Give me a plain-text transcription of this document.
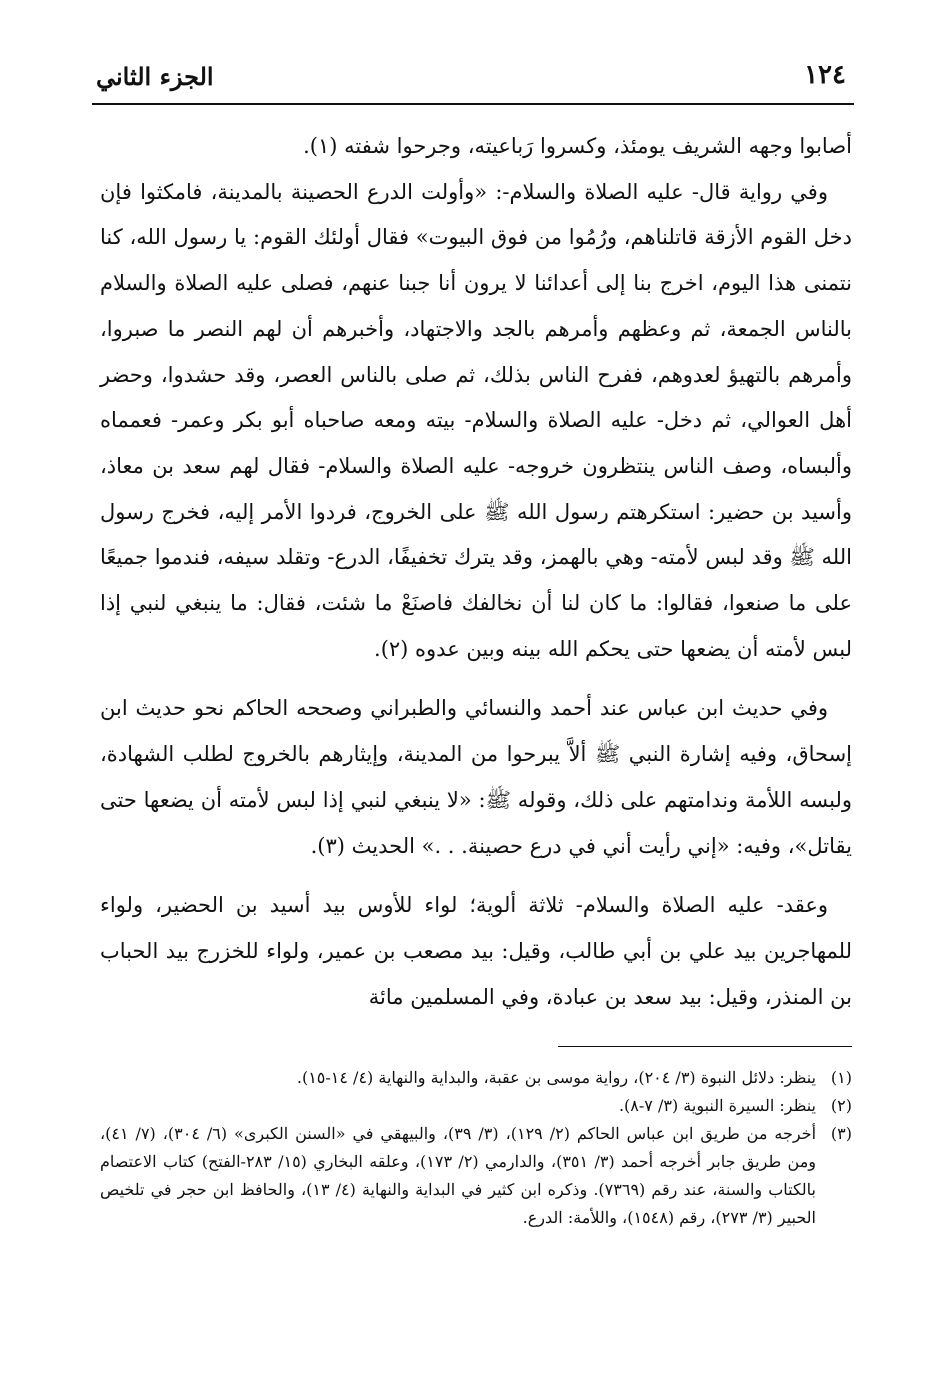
١٢٤
الجزء الثاني

أصابوا وجهه الشريف يومئذ، وكسروا رَباعيته، وجرحوا شفته (١).

وفي رواية قال- عليه الصلاة والسلام-: «وأولت الدرع الحصينة بالمدينة، فامكثوا فإن دخل القوم الأزقة قاتلناهم، ورُمُوا من فوق البيوت» فقال أولئك القوم: يا رسول الله، كنا نتمنى هذا اليوم، اخرج بنا إلى أعدائنا لا يرون أنا جبنا عنهم، فصلى عليه الصلاة والسلام بالناس الجمعة، ثم وعظهم وأمرهم بالجد والاجتهاد، وأخبرهم أن لهم النصر ما صبروا، وأمرهم بالتهيؤ لعدوهم، ففرح الناس بذلك، ثم صلى بالناس العصر، وقد حشدوا، وحضر أهل العوالي، ثم دخل- عليه الصلاة والسلام- بيته ومعه صاحباه أبو بكر وعمر- فعمماه وألبساه، وصف الناس ينتظرون خروجه- عليه الصلاة والسلام- فقال لهم سعد بن معاذ، وأسيد بن حضير: استكرهتم رسول الله ﷺ على الخروج، فردوا الأمر إليه، فخرج رسول الله ﷺ وقد لبس لأمته- وهي بالهمز، وقد يترك تخفيفًا، الدرع- وتقلد سيفه، فندموا جميعًا على ما صنعوا، فقالوا: ما كان لنا أن نخالفك فاصنَعْ ما شئت، فقال: ما ينبغي لنبي إذا لبس لأمته أن يضعها حتى يحكم الله بينه وبين عدوه (٢).

وفي حديث ابن عباس عند أحمد والنسائي والطبراني وصححه الحاكم نحو حديث ابن إسحاق، وفيه إشارة النبي ﷺ ألاَّ يبرحوا من المدينة، وإيثارهم بالخروج لطلب الشهادة، ولبسه اللأمة وندامتهم على ذلك، وقوله ﷺ: «لا ينبغي لنبي إذا لبس لأمته أن يضعها حتى يقاتل»، وفيه: «إني رأيت أني في درع حصينة. . .» الحديث (٣).

وعقد- عليه الصلاة والسلام- ثلاثة ألوية؛ لواء للأوس بيد أسيد بن الحضير، ولواء للمهاجرين بيد علي بن أبي طالب، وقيل: بيد مصعب بن عمير، ولواء للخزرج بيد الحباب بن المنذر، وقيل: بيد سعد بن عبادة، وفي المسلمين مائة

(١)
ينظر: دلائل النبوة (٣/ ٢٠٤)، رواية موسى بن عقبة، والبداية والنهاية (٤/ ١٤-١٥).
(٢)
ينظر: السيرة النبوية (٣/ ٧-٨).
(٣)
أخرجه من طريق ابن عباس الحاكم (٢/ ١٢٩)، (٣/ ٣٩)، والبيهقي في «السنن الكبرى» (٦/ ٣٠٤)، (٧/ ٤١)، ومن طريق جابر أخرجه أحمد (٣/ ٣٥١)، والدارمي (٢/ ١٧٣)، وعلقه البخاري (١٥/ ٢٨٣-الفتح) كتاب الاعتصام بالكتاب والسنة، عند رقم (٧٣٦٩). وذكره ابن كثير في البداية والنهاية (٤/ ١٣)، والحافظ ابن حجر في تلخيص الحبير (٣/ ٢٧٣)، رقم (١٥٤٨)، واللأمة: الدرع.
